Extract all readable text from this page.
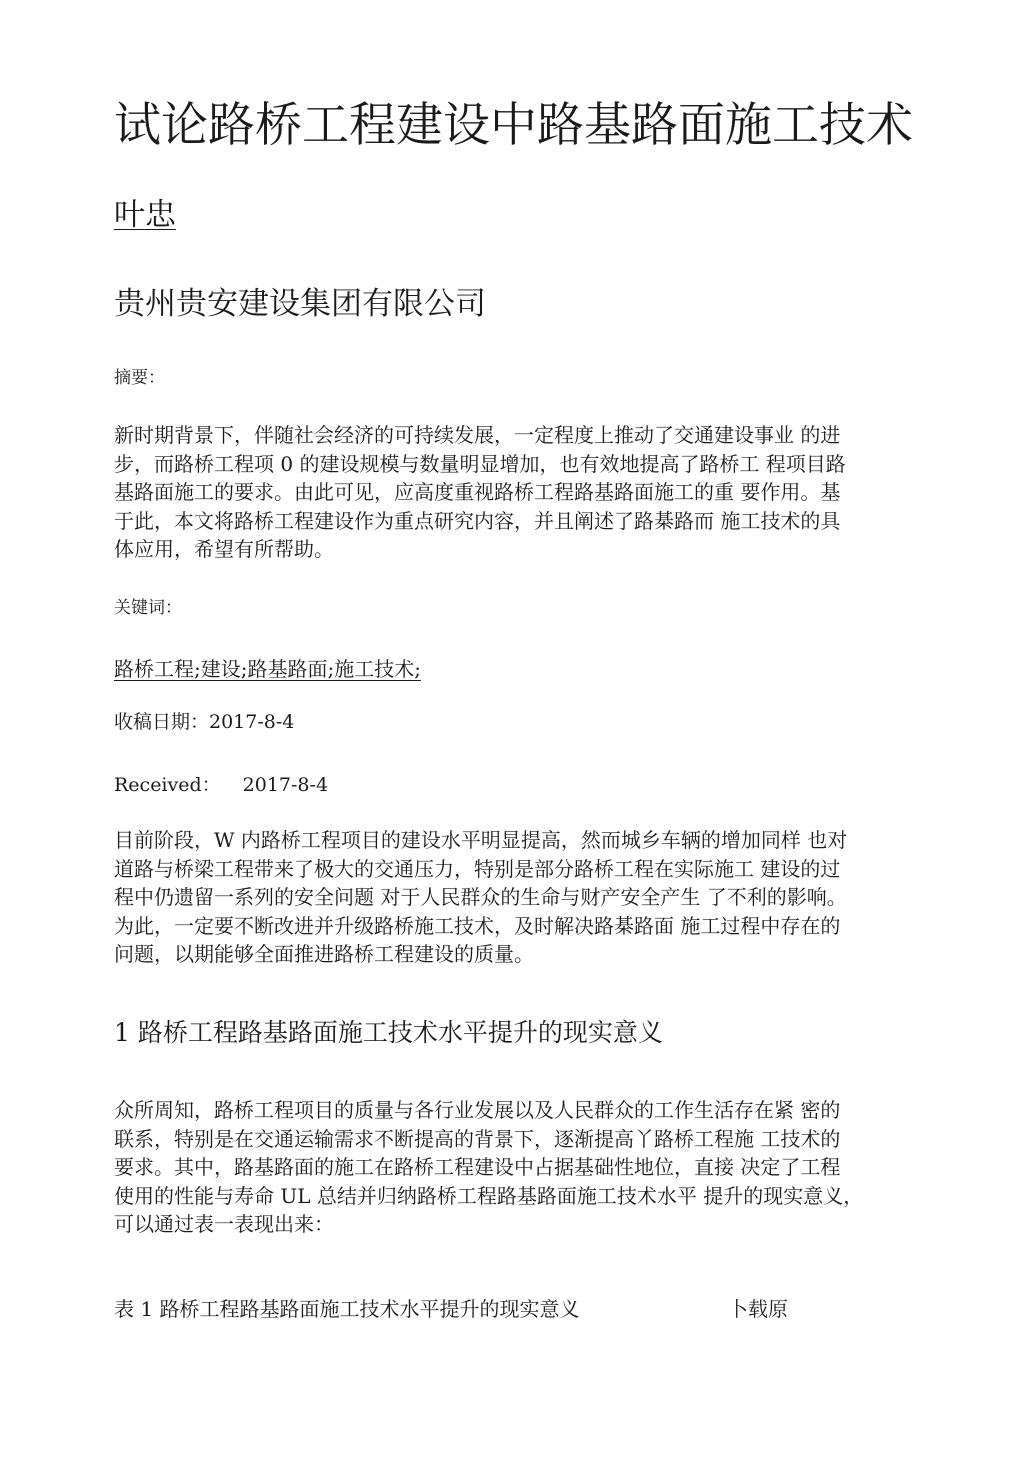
试论路桥工程建设中路基路面施工技术
叶忠
贵州贵安建设集团有限公司
摘要：
新时期背景下，伴随社会经济的可持续发展，一定程度上推动了交通建设事业 的进
步，而路桥工程项 0 的建设规模与数量明显增加，也有效地提高了路桥工 程项目路
基路面施工的要求。由此可见，应高度重视路桥工程路基路面施工的重 要作用。基
于此，本文将路桥工程建设作为重点研究内容，并且阐述了路棊路而 施工技术的具
体应用，希望有所帮助。
关键词：
路桥工程;建设;路基路面;施工技术;
收稿日期：2017-8-4
Received： 2017-8-4
目前阶段，W 内路桥工程项目的建设水平明显提高，然而城乡车辆的增加同样 也对
道路与桥梁工程带来了极大的交通压力，特别是部分路桥工程在实际施工 建设的过
程中仍遗留一系列的安全问题 对于人民群众的生命与财产安全产生 了不利的影响。
为此，一定要不断改进并升级路桥施工技术，及时解决路棊路面 施工过程中存在的
问题，以期能够全面推进路桥工程建设的质量。
1 路桥工程路基路面施工技术水平提升的现实意义
众所周知，路桥工程项目的质量与各行业发展以及人民群众的工作生活存在紧 密的
联系，特别是在交通运输需求不断提高的背景下，逐渐提高丫路桥工程施 工技术的
要求。其中，路基路面的施工在路桥工程建设中占据基础性地位，直接 决定了工程
使用的性能与寿命 UL 总结并归纳路桥工程路基路面施工技术水平 提升的现实意义，
可以通过表一表现出来：
表 1 路桥工程路基路面施工技术水平提升的现实意义	卜载原
